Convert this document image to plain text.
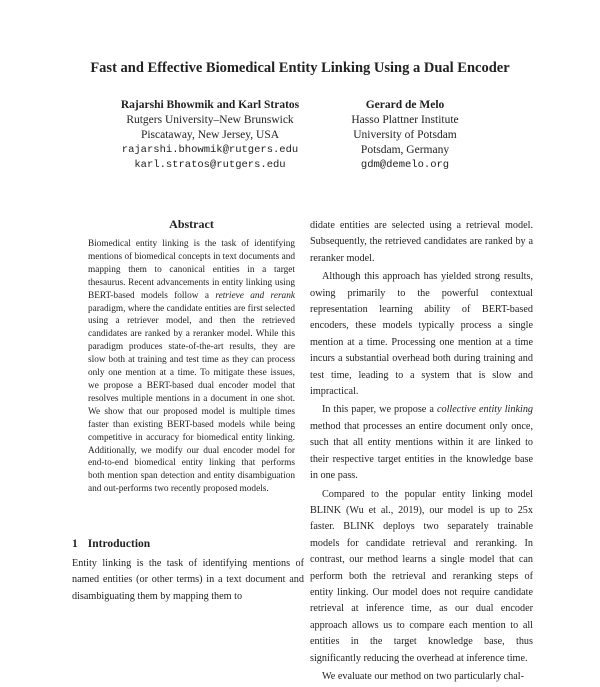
Fast and Effective Biomedical Entity Linking Using a Dual Encoder
Rajarshi Bhowmik and Karl Stratos
Rutgers University–New Brunswick
Piscataway, New Jersey, USA
rajarshi.bhowmik@rutgers.edu
karl.stratos@rutgers.edu
Gerard de Melo
Hasso Plattner Institute
University of Potsdam
Potsdam, Germany
gdm@demelo.org
Abstract

Biomedical entity linking is the task of identifying mentions of biomedical concepts in text documents and mapping them to canonical entities in a target thesaurus. Recent advancements in entity linking using BERT-based models follow a retrieve and rerank paradigm, where the candidate entities are first selected using a retriever model, and then the retrieved candidates are ranked by a reranker model. While this paradigm produces state-of-the-art results, they are slow both at training and test time as they can process only one mention at a time. To mitigate these issues, we propose a BERT-based dual encoder model that resolves multiple mentions in a document in one shot. We show that our proposed model is multiple times faster than existing BERT-based models while being competitive in accuracy for biomedical entity linking. Additionally, we modify our dual encoder model for end-to-end biomedical entity linking that performs both mention span detection and entity disambiguation and out-performs two recently proposed models.

1 Introduction

Entity linking is the task of identifying mentions of named entities (or other terms) in a text document and disambiguating them by mapping them to

didate entities are selected using a retrieval model. Subsequently, the retrieved candidates are ranked by a reranker model.

Although this approach has yielded strong results, owing primarily to the powerful contextual representation learning ability of BERT-based encoders, these models typically process a single mention at a time. Processing one mention at a time incurs a substantial overhead both during training and test time, leading to a system that is slow and impractical.

In this paper, we propose a collective entity linking method that processes an entire document only once, such that all entity mentions within it are linked to their respective target entities in the knowledge base in one pass.

Compared to the popular entity linking model BLINK (Wu et al., 2019), our model is up to 25x faster. BLINK deploys two separately trainable models for candidate retrieval and reranking. In contrast, our method learns a single model that can perform both the retrieval and reranking steps of entity linking. Our model does not require candidate retrieval at inference time, as our dual encoder approach allows us to compare each mention to all entities in the target knowledge base, thus significantly reducing the overhead at inference time.

We evaluate our method on two particularly chal-
